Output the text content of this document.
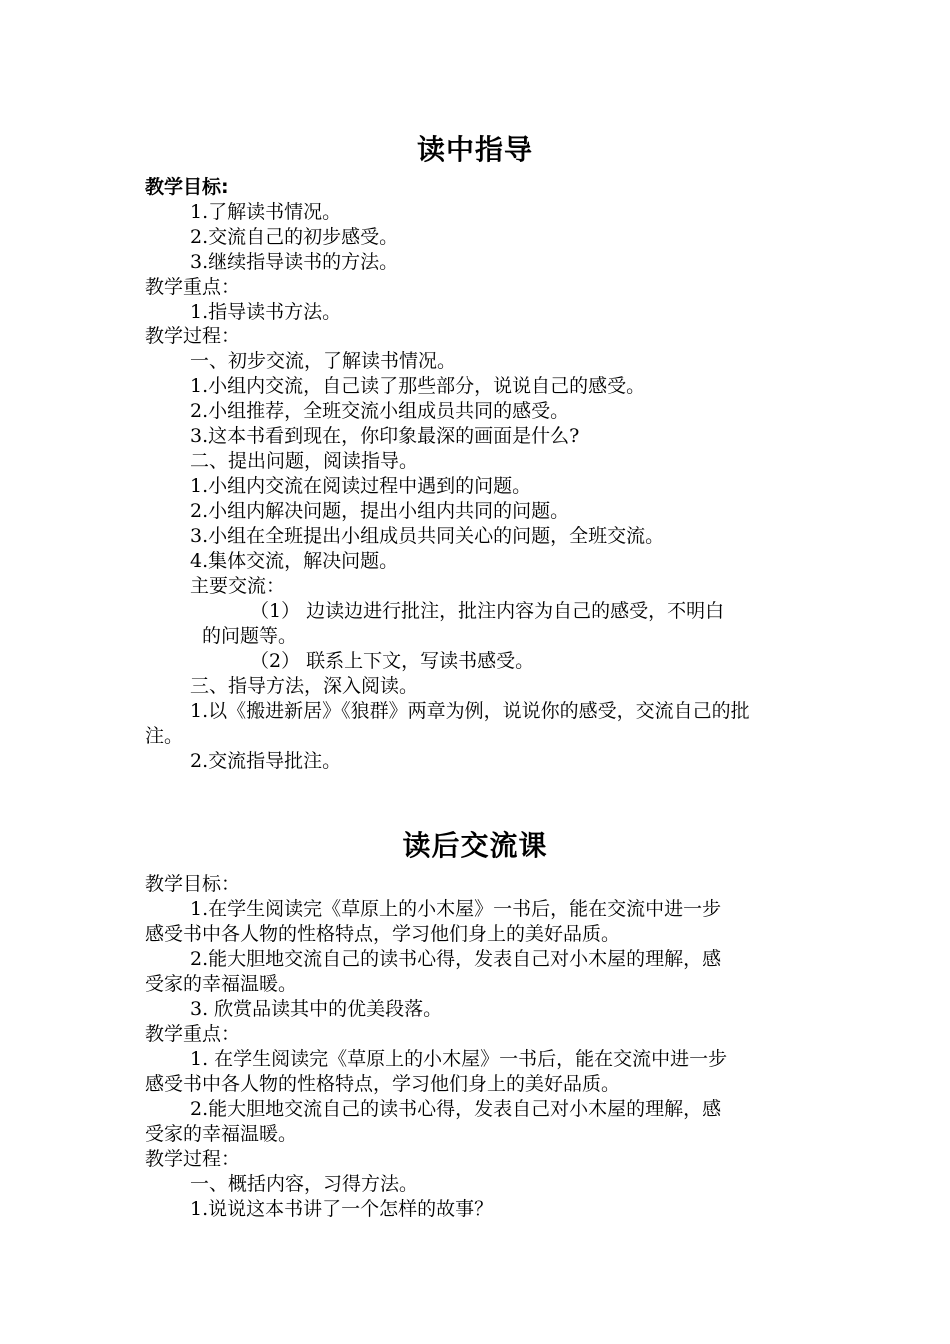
读中指导
教学目标:
1.了解读书情况。
2.交流自己的初步感受。
3.继续指导读书的方法。
教学重点：
1.指导读书方法。
教学过程：
一、初步交流，了解读书情况。
1.小组内交流，自己读了那些部分，说说自己的感受。
2.小组推荐，全班交流小组成员共同的感受。
3.这本书看到现在，你印象最深的画面是什么?
二、提出问题，阅读指导。
1.小组内交流在阅读过程中遇到的问题。
2.小组内解决问题，提出小组内共同的问题。
3.小组在全班提出小组成员共同关心的问题，全班交流。
4.集体交流，解决问题。
主要交流：
（1） 边读边进行批注，批注内容为自己的感受，不明白
的问题等。
（2） 联系上下文，写读书感受。
三、指导方法，深入阅读。
1.以《搬进新居》《狼群》两章为例，说说你的感受，交流自己的批
注。
2.交流指导批注。
读后交流课
教学目标：
1.在学生阅读完《草原上的小木屋》一书后，能在交流中进一步
感受书中各人物的性格特点，学习他们身上的美好品质。
2.能大胆地交流自己的读书心得，发表自己对小木屋的理解，感
受家的幸福温暖。
3. 欣赏品读其中的优美段落。
教学重点：
1. 在学生阅读完《草原上的小木屋》一书后，能在交流中进一步
感受书中各人物的性格特点，学习他们身上的美好品质。
2.能大胆地交流自己的读书心得，发表自己对小木屋的理解，感
受家的幸福温暖。
教学过程：
一、概括内容，习得方法。
1.说说这本书讲了一个怎样的故事？
